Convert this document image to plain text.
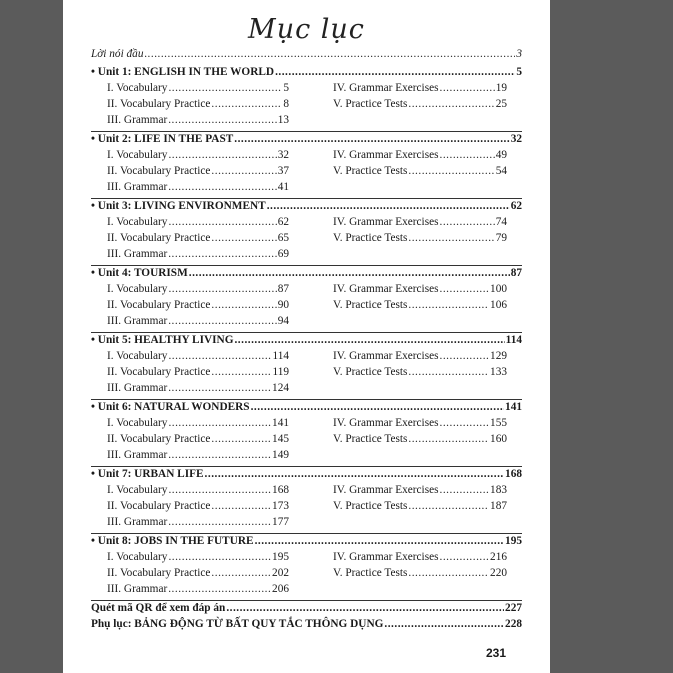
Mục lục
Lời nói đầu .....	3
• Unit 1: ENGLISH IN THE WORLD .....	5
I. Vocabulary .....	5	IV. Grammar Exercises .....	19
II. Vocabulary Practice .....	8	V. Practice Tests .....	25
III. Grammar .....	13
• Unit 2: LIFE IN THE PAST .....	32
I. Vocabulary .....	32	IV. Grammar Exercises .....	49
II. Vocabulary Practice .....	37	V. Practice Tests .....	54
III. Grammar .....	41
• Unit 3: LIVING ENVIRONMENT .....	62
I. Vocabulary .....	62	IV. Grammar Exercises .....	74
II. Vocabulary Practice .....	65	V. Practice Tests .....	79
III. Grammar .....	69
• Unit 4: TOURISM .....	87
I. Vocabulary .....	87	IV. Grammar Exercises .....	100
II. Vocabulary Practice .....	90	V. Practice Tests .....	106
III. Grammar .....	94
• Unit 5: HEALTHY LIVING .....	114
I. Vocabulary .....	114	IV. Grammar Exercises .....	129
II. Vocabulary Practice .....	119	V. Practice Tests .....	133
III. Grammar .....	124
• Unit 6: NATURAL WONDERS .....	141
I. Vocabulary .....	141	IV. Grammar Exercises .....	155
II. Vocabulary Practice .....	145	V. Practice Tests .....	160
III. Grammar .....	149
• Unit 7: URBAN LIFE .....	168
I. Vocabulary .....	168	IV. Grammar Exercises .....	183
II. Vocabulary Practice .....	173	V. Practice Tests .....	187
III. Grammar .....	177
• Unit 8: JOBS IN THE FUTURE .....	195
I. Vocabulary .....	195	IV. Grammar Exercises .....	216
II. Vocabulary Practice .....	202	V. Practice Tests .....	220
III. Grammar .....	206
Quét mã QR để xem đáp án .....	227
Phụ lục: BẢNG ĐỘNG TỪ BẤT QUY TẮC THÔNG DỤNG .....	228
231
